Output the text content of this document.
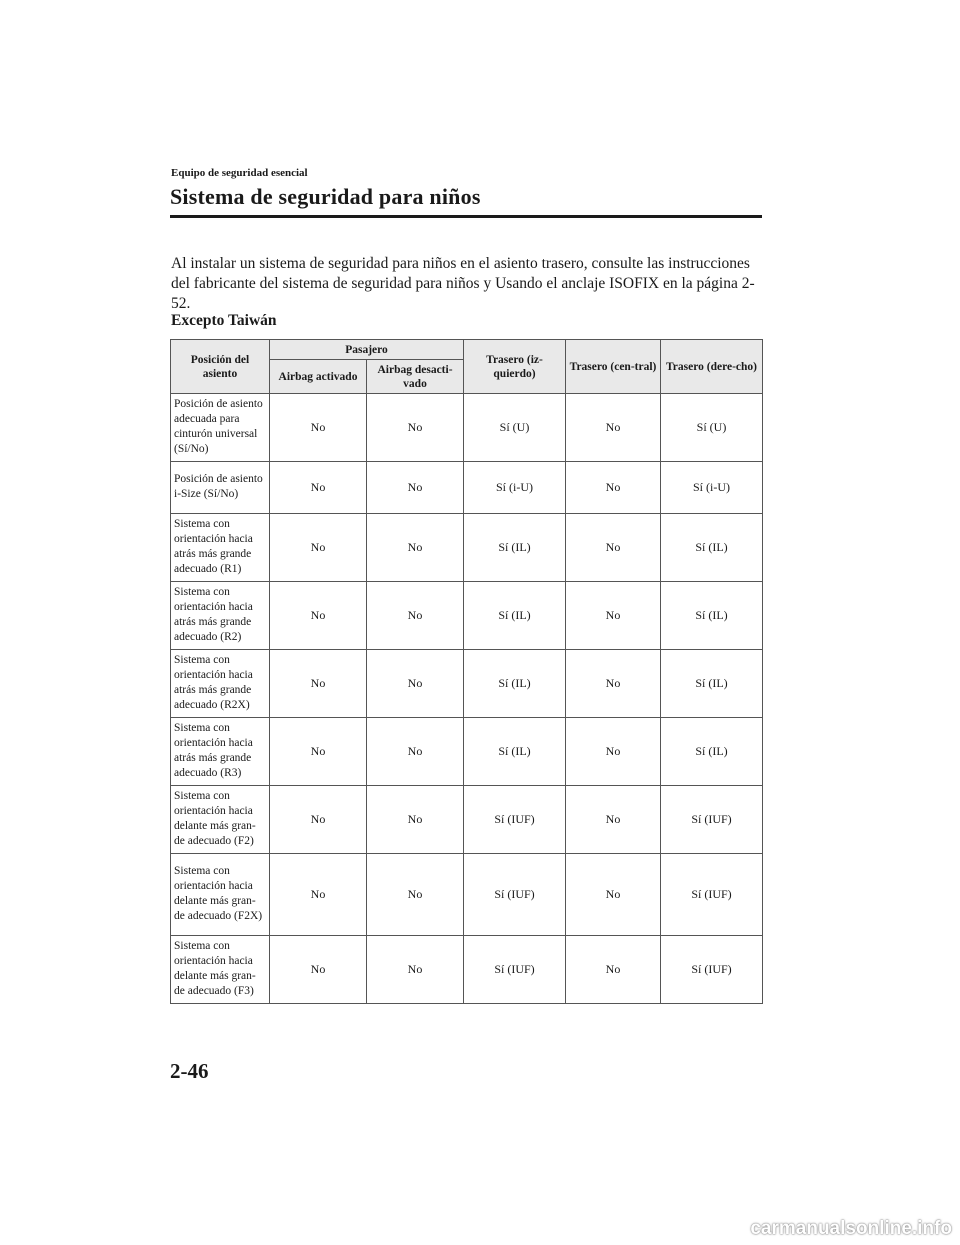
Equipo de seguridad esencial
Sistema de seguridad para niños
Al instalar un sistema de seguridad para niños en el asiento trasero, consulte las instrucciones del fabricante del sistema de seguridad para niños y Usando el anclaje ISOFIX en la página 2-52.
Excepto Taiwán
Posición del asiento	Pasajero		Trasero (iz-quierdo)	Trasero (cen-tral)	Trasero (dere-cho)
	Airbag activado	Airbag desacti-vado			
Posición de asiento adecuada para cinturón universal (Sí/No)	No	No	Sí (U)	No	Sí (U)
Posición de asiento i-Size (Sí/No)	No	No	Sí (i-U)	No	Sí (i-U)
Sistema con orientación hacia atrás más grande adecuado (R1)	No	No	Sí (IL)	No	Sí (IL)
Sistema con orientación hacia atrás más grande adecuado (R2)	No	No	Sí (IL)	No	Sí (IL)
Sistema con orientación hacia atrás más grande adecuado (R2X)	No	No	Sí (IL)	No	Sí (IL)
Sistema con orientación hacia atrás más grande adecuado (R3)	No	No	Sí (IL)	No	Sí (IL)
Sistema con orientación hacia delante más gran-de adecuado (F2)	No	No	Sí (IUF)	No	Sí (IUF)
Sistema con orientación hacia delante más gran-de adecuado (F2X)	No	No	Sí (IUF)	No	Sí (IUF)
Sistema con orientación hacia delante más gran-de adecuado (F3)	No	No	Sí (IUF)	No	Sí (IUF)
2-46
carmanualsonline.info
